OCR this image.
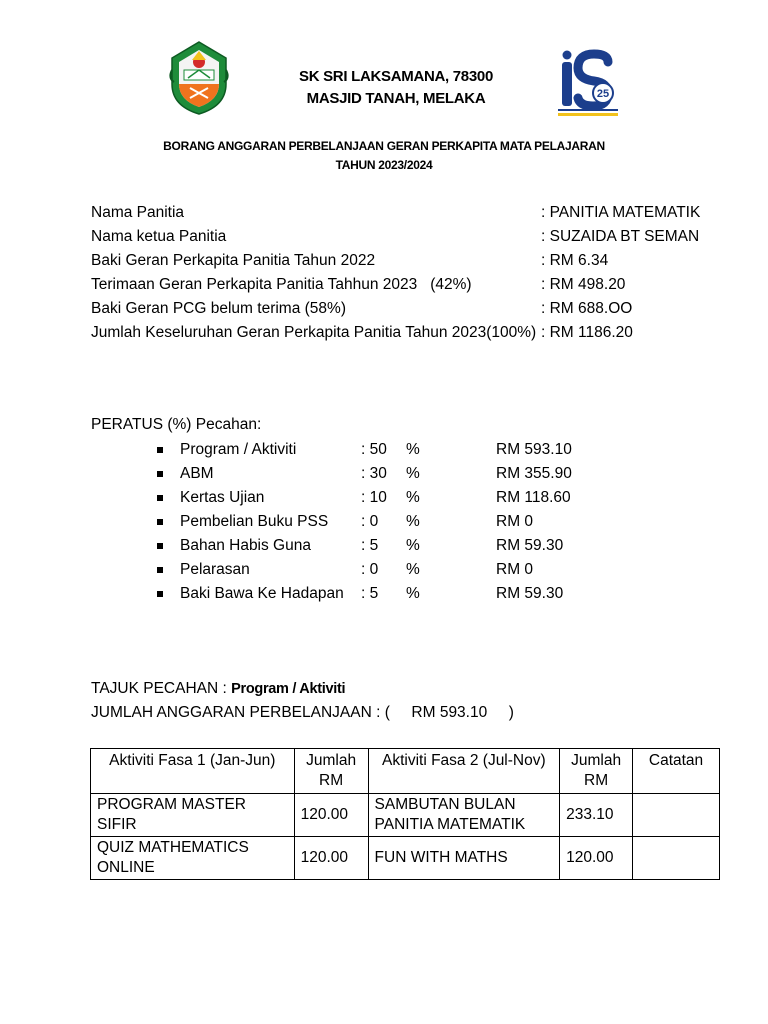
SK SRI LAKSAMANA, 78300
MASJID TANAH, MELAKA	25
BORANG ANGGARAN PERBELANJAAN GERAN PERKAPITA MATA PELAJARAN
TAHUN 2023/2024
Nama Panitia	: PANITIA MATEMATIK
Nama ketua Panitia	: SUZAIDA BT SEMAN
Baki Geran Perkapita Panitia Tahun 2022	: RM 6.34
Terimaan Geran Perkapita Panitia Tahhun 2023   (42%)	: RM 498.20
Baki Geran PCG belum terima (58%)	: RM 688.OO
Jumlah Keseluruhan Geran Perkapita Panitia Tahun 2023(100%) : RM 1186.20
PERATUS (%) Pecahan:
Program / Aktiviti	: 50 %	RM 593.10
ABM	: 30 %	RM 355.90
Kertas Ujian	: 10 %	RM 118.60
Pembelian Buku PSS : 0 %	RM 0
Bahan Habis Guna	: 5 %	RM 59.30
Pelarasan	: 0 %	RM 0
Baki Bawa Ke Hadapan : 5 %	RM 59.30
TAJUK PECAHAN : Program / Aktiviti
JUMLAH ANGGARAN PERBELANJAAN : (     RM 593.10     )
Aktiviti Fasa 1 (Jan-Jun)	Jumlah RM	Aktiviti Fasa 2 (Jul-Nov)	Jumlah RM	Catatan
PROGRAM MASTER SIFIR	120.00	SAMBUTAN BULAN PANITIA MATEMATIK	233.10	
QUIZ MATHEMATICS ONLINE	120.00	FUN WITH MATHS	120.00	
